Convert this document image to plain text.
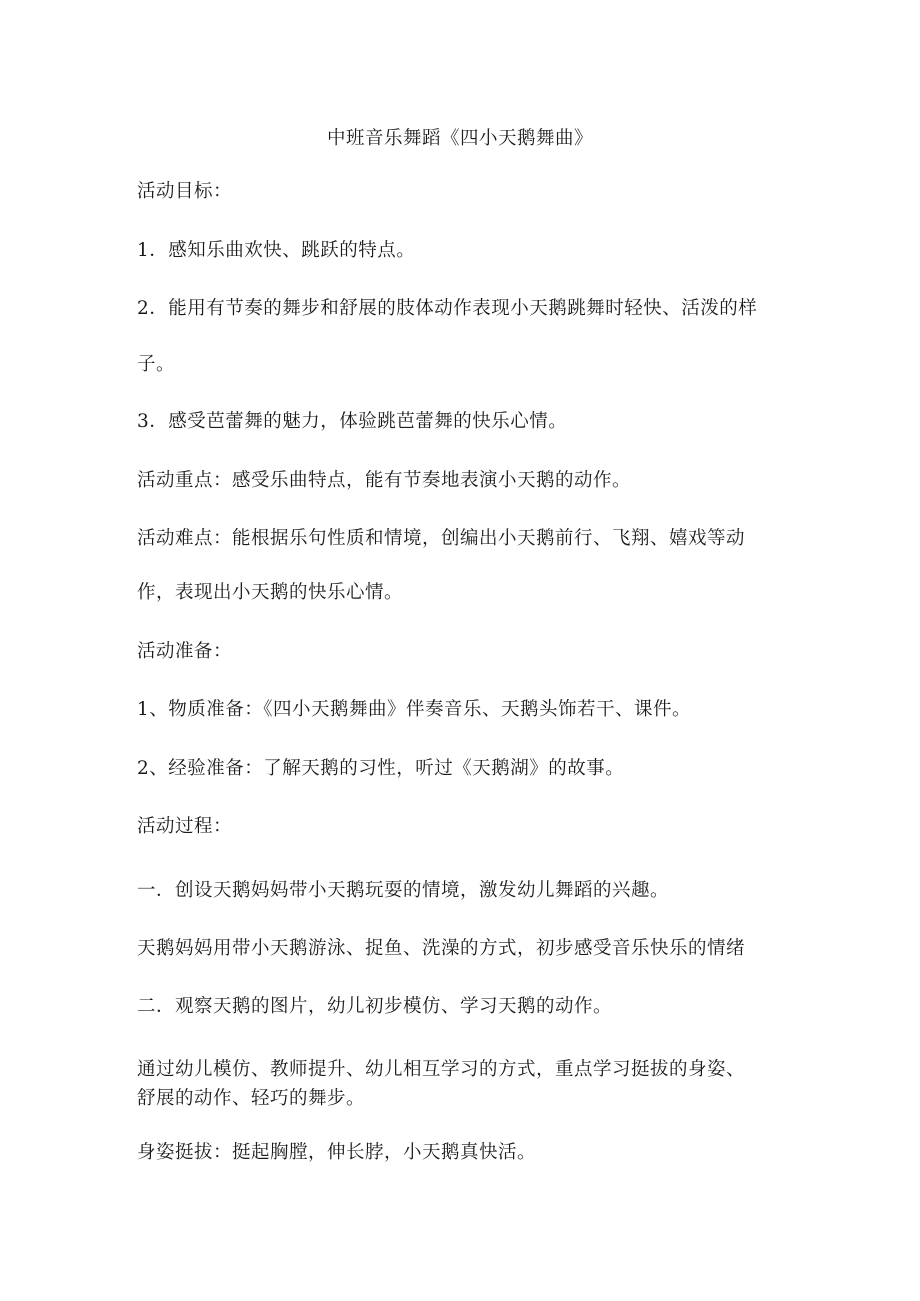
中班音乐舞蹈《四小天鹅舞曲》
活动目标：
1．感知乐曲欢快、跳跃的特点。
2．能用有节奏的舞步和舒展的肢体动作表现小天鹅跳舞时轻快、活泼的样
子。
3．感受芭蕾舞的魅力，体验跳芭蕾舞的快乐心情。
活动重点：感受乐曲特点，能有节奏地表演小天鹅的动作。
活动难点：能根据乐句性质和情境，创编出小天鹅前行、飞翔、嬉戏等动
作，表现出小天鹅的快乐心情。
活动准备：
1、物质准备：《四小天鹅舞曲》伴奏音乐、天鹅头饰若干、课件。
2、经验准备：了解天鹅的习性，听过《天鹅湖》的故事。
活动过程：
一．创设天鹅妈妈带小天鹅玩耍的情境，激发幼儿舞蹈的兴趣。
天鹅妈妈用带小天鹅游泳、捉鱼、洗澡的方式，初步感受音乐快乐的情绪
二．观察天鹅的图片，幼儿初步模仿、学习天鹅的动作。
通过幼儿模仿、教师提升、幼儿相互学习的方式，重点学习挺拔的身姿、
舒展的动作、轻巧的舞步。
身姿挺拔：挺起胸膛，伸长脖，小天鹅真快活。
